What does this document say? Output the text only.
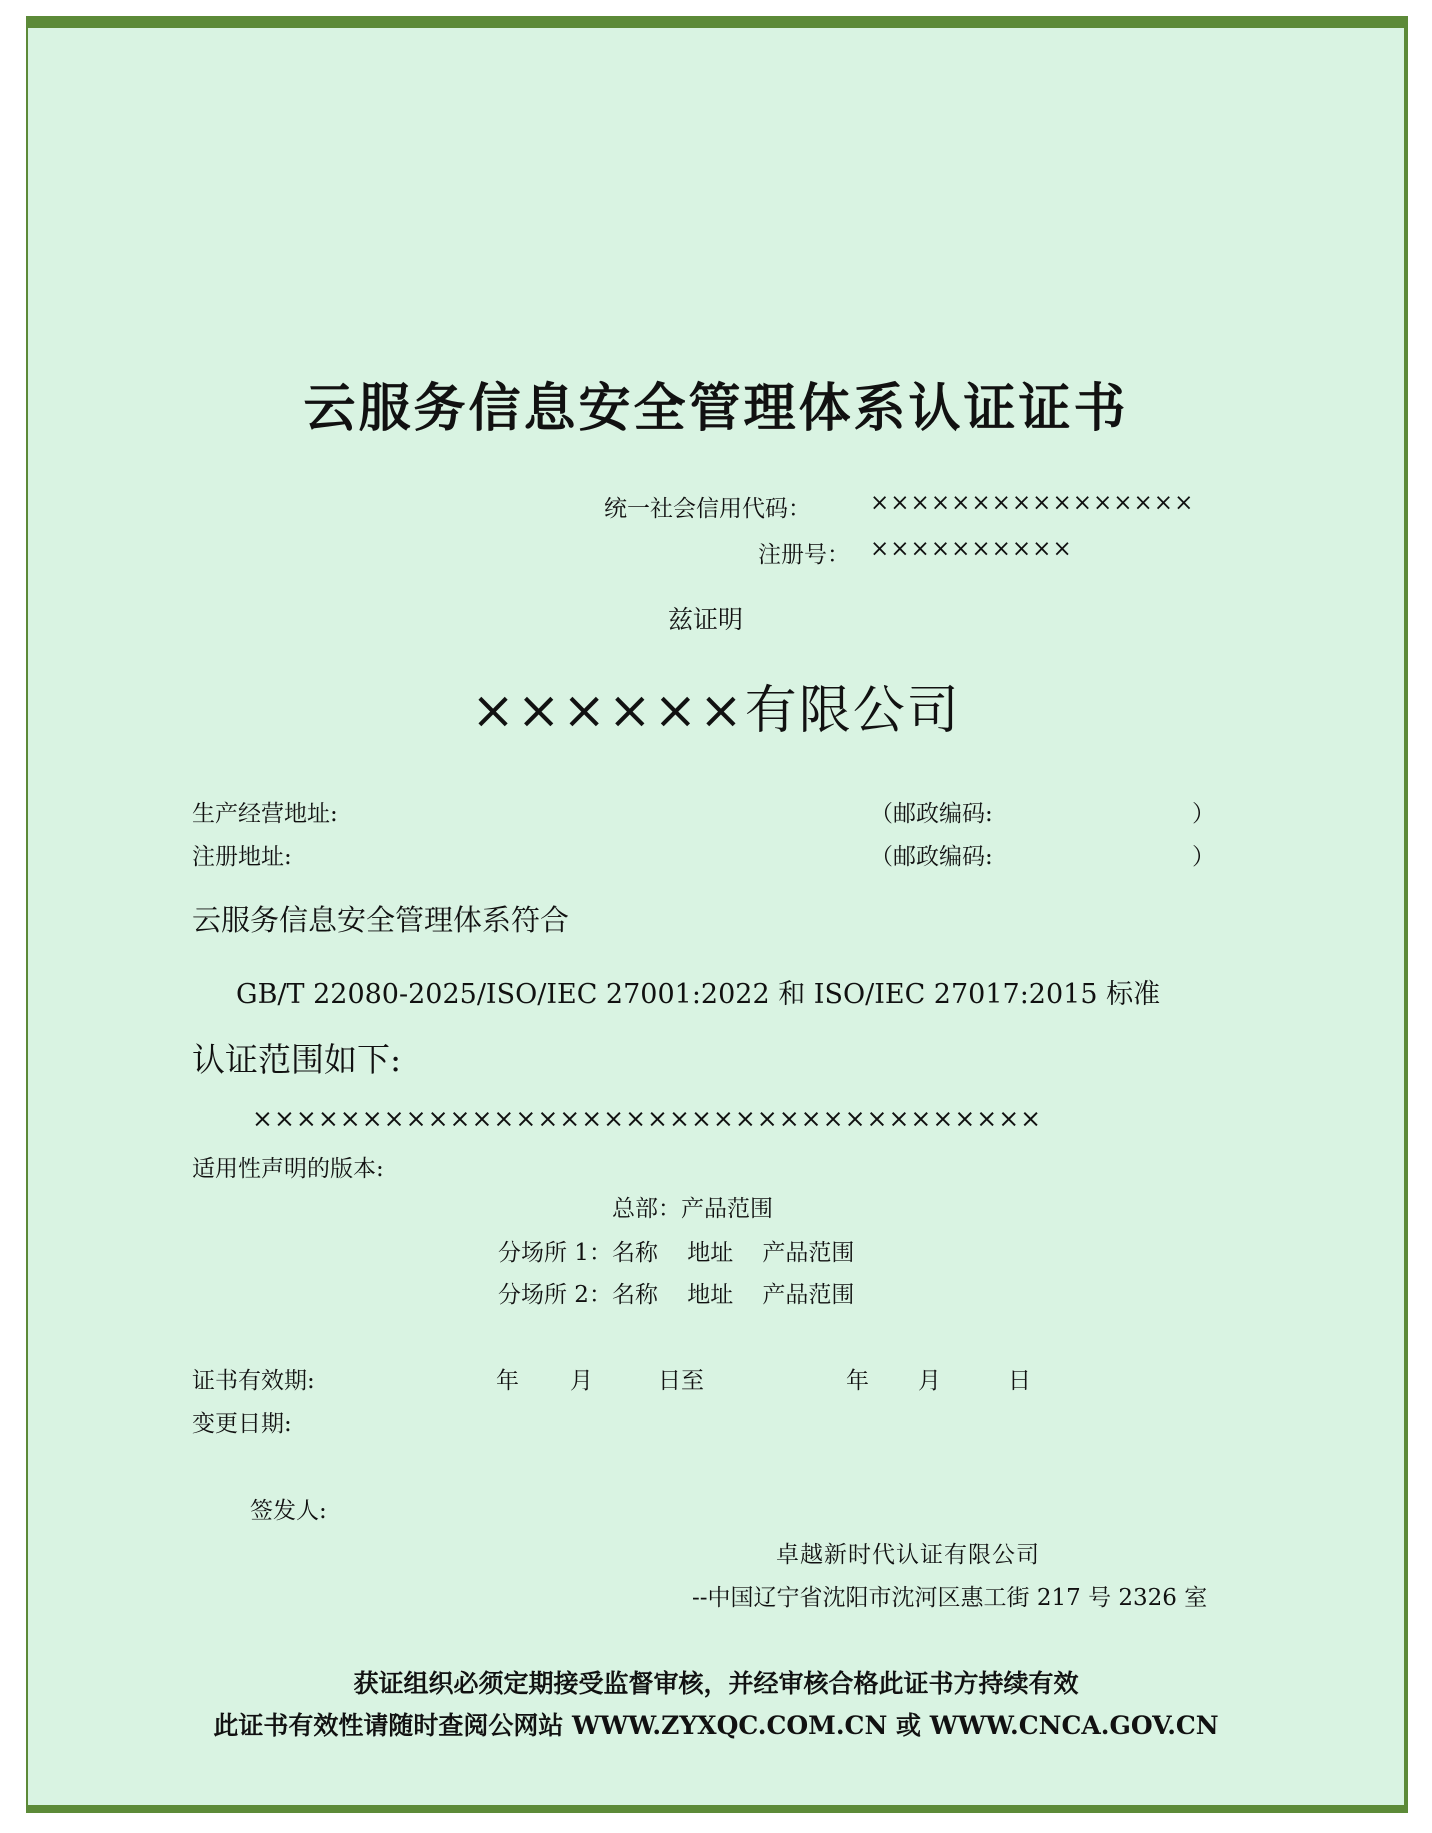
云服务信息安全管理体系认证证书
统一社会信用代码：	××××××××××××××××
注册号： ××××××××××
兹证明
××××××有限公司
生产经营地址:	（邮政编码:	）
注册地址:	（邮政编码:	）
云服务信息安全管理体系符合
GB/T 22080-2025/ISO/IEC 27001:2022 和 ISO/IEC 27017:2015 标准
认证范围如下:
××××××××××××××××××××××××××××××××××××
适用性声明的版本:
总部：产品范围
分场所 1：名称    地址    产品范围
分场所 2：名称    地址    产品范围
证书有效期:	年 月	日至	年 月	日
变更日期:
签发人:
卓越新时代认证有限公司
--中国辽宁省沈阳市沈河区惠工街 217 号 2326 室
获证组织必须定期接受监督审核，并经审核合格此证书方持续有效
此证书有效性请随时查阅公网站 WWW.ZYXQC.COM.CN 或 WWW.CNCA.GOV.CN
